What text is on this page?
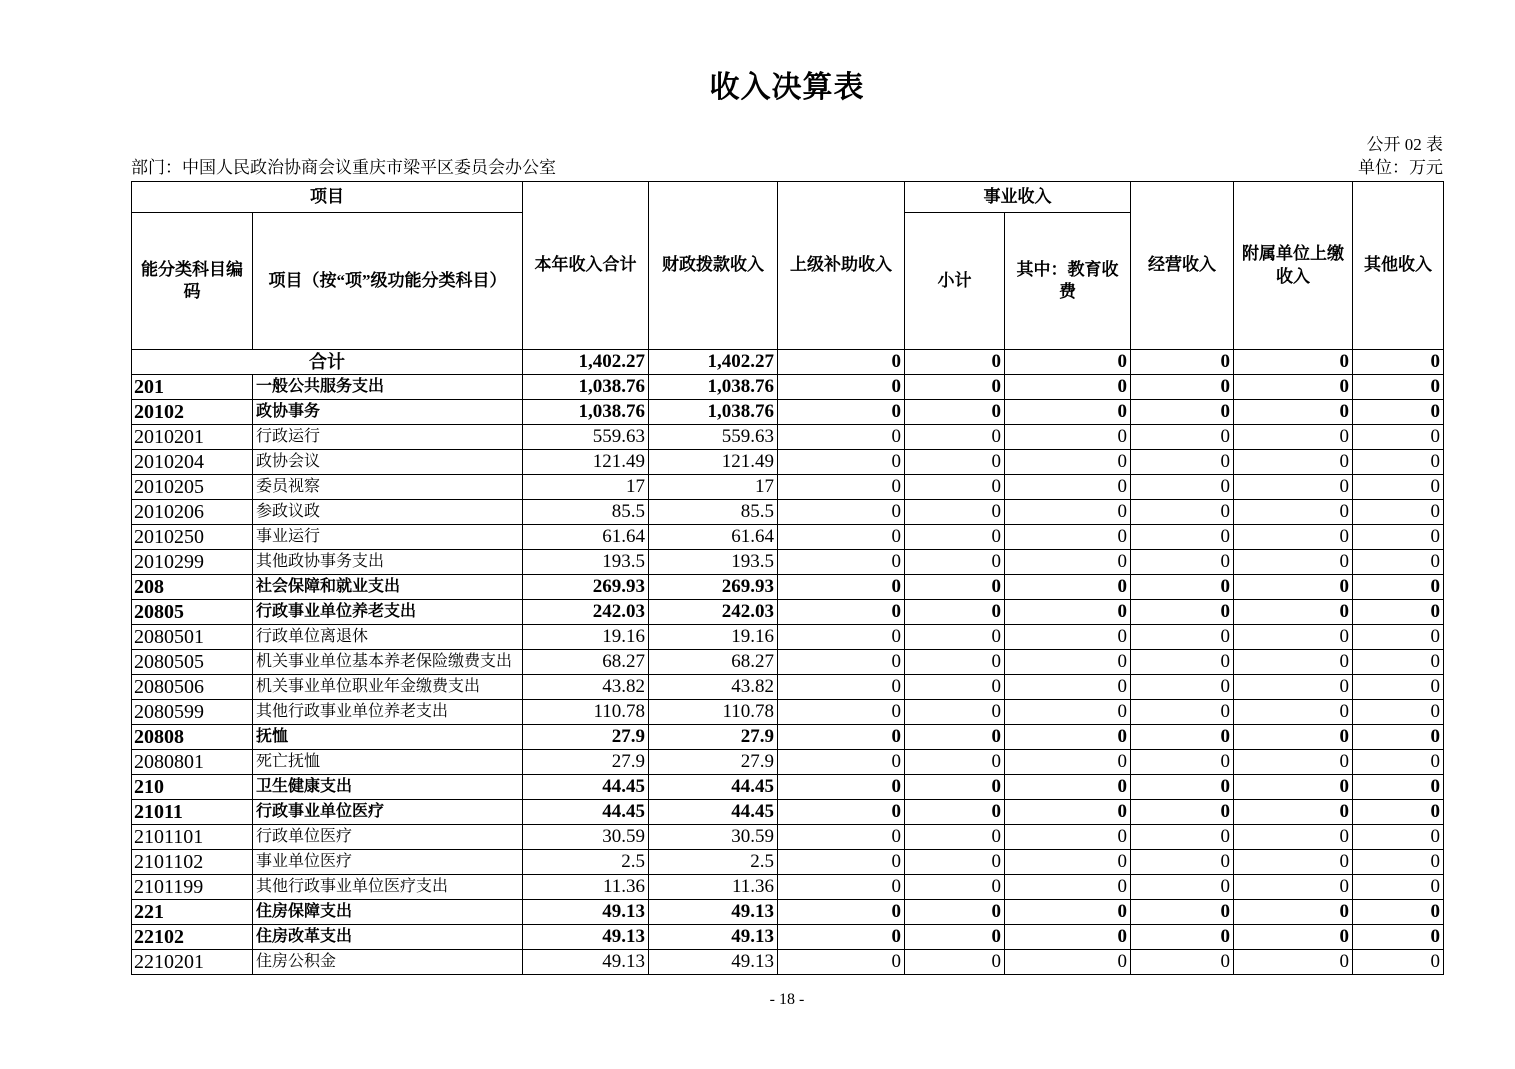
收入决算表
公开 02 表
部门：中国人民政治协商会议重庆市梁平区委员会办公室	单位：万元
项目		本年收入合计	财政拨款收入	上级补助收入	事业收入		经营收入	附属单位上缴收入	其他收入
能分类科目编码	项目（按“项”级功能分类科目）				小计	其中：教育收费			
合计		1,402.27	1,402.27	0	0	0	0	0	0
201	一般公共服务支出	1,038.76	1,038.76	0	0	0	0	0	0
20102	政协事务	1,038.76	1,038.76	0	0	0	0	0	0
2010201	行政运行	559.63	559.63	0	0	0	0	0	0
2010204	政协会议	121.49	121.49	0	0	0	0	0	0
2010205	委员视察	17	17	0	0	0	0	0	0
2010206	参政议政	85.5	85.5	0	0	0	0	0	0
2010250	事业运行	61.64	61.64	0	0	0	0	0	0
2010299	其他政协事务支出	193.5	193.5	0	0	0	0	0	0
208	社会保障和就业支出	269.93	269.93	0	0	0	0	0	0
20805	行政事业单位养老支出	242.03	242.03	0	0	0	0	0	0
2080501	行政单位离退休	19.16	19.16	0	0	0	0	0	0
2080505	机关事业单位基本养老保险缴费支出	68.27	68.27	0	0	0	0	0	0
2080506	机关事业单位职业年金缴费支出	43.82	43.82	0	0	0	0	0	0
2080599	其他行政事业单位养老支出	110.78	110.78	0	0	0	0	0	0
20808	抚恤	27.9	27.9	0	0	0	0	0	0
2080801	死亡抚恤	27.9	27.9	0	0	0	0	0	0
210	卫生健康支出	44.45	44.45	0	0	0	0	0	0
21011	行政事业单位医疗	44.45	44.45	0	0	0	0	0	0
2101101	行政单位医疗	30.59	30.59	0	0	0	0	0	0
2101102	事业单位医疗	2.5	2.5	0	0	0	0	0	0
2101199	其他行政事业单位医疗支出	11.36	11.36	0	0	0	0	0	0
221	住房保障支出	49.13	49.13	0	0	0	0	0	0
22102	住房改革支出	49.13	49.13	0	0	0	0	0	0
2210201	住房公积金	49.13	49.13	0	0	0	0	0	0
- 18 -
